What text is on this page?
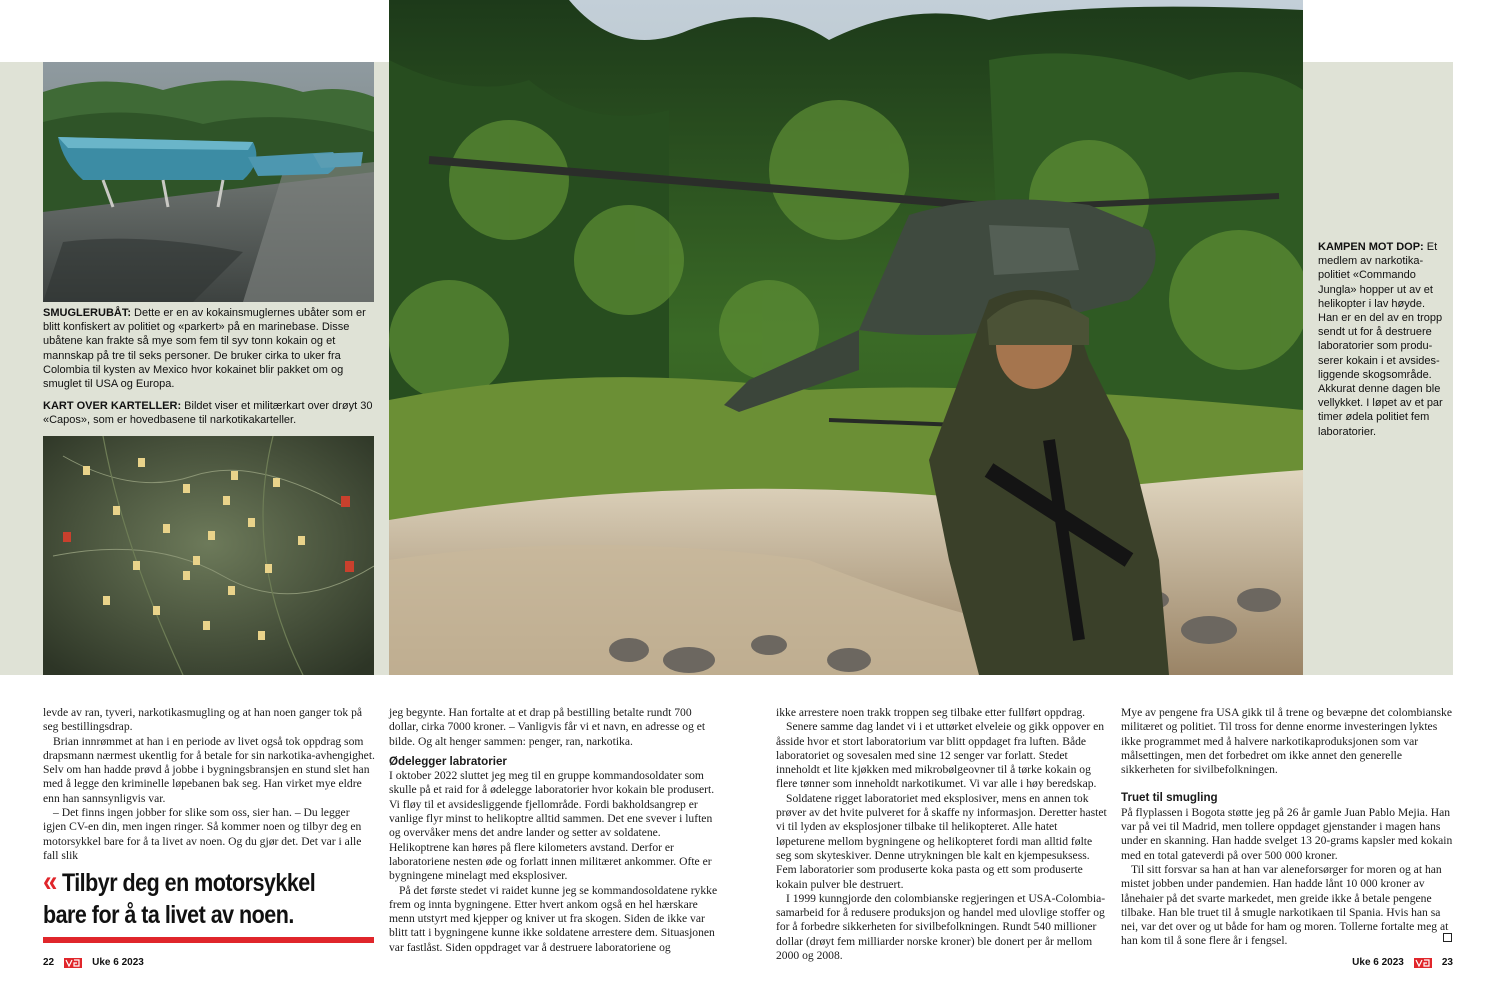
SMUGLERUBÅT: Dette er en av kokainsmuglernes ubåter som er blitt konfiskert av politiet og «parkert» på en marinebase. Disse ubåtene kan frakte så mye som fem til syv tonn kokain og et mannskap på tre til seks personer. De bruker cirka to uker fra Colombia til kysten av Mexico hvor kokainet blir pakket om og smuglet til USA og Europa.
KART OVER KARTELLER: Bildet viser et militærkart over drøyt 30 «Capos», som er hovedbasene til narkotikakarteller.
KAMPEN MOT DOP: Et medlem av narkotika-politiet «Commando Jungla» hopper ut av et helikopter i lav høyde. Han er en del av en tropp sendt ut for å destruere laboratorier som produ-serer kokain i et avsides-liggende skogsområde. Akkurat denne dagen ble vellykket. I løpet av et par timer ødela politiet fem laboratorier.

levde av ran, tyveri, narkotikasmugling og at han noen ganger tok på seg bestillingsdrap.

Brian innrømmet at han i en periode av livet også tok oppdrag som drapsmann nærmest ukentlig for å betale for sin narkotika-avhengighet. Selv om han hadde prøvd å jobbe i bygningsbransjen en stund slet han med å legge den kriminelle løpebanen bak seg. Han virket mye eldre enn han sannsynligvis var.

– Det finns ingen jobber for slike som oss, sier han. – Du legger igjen CV-en din, men ingen ringer. Så kommer noen og tilbyr deg en motorsykkel bare for å ta livet av noen. Og du gjør det. Det var i alle fall slik

« Tilbyr deg en motorsykkel bare for å ta livet av noen.

jeg begynte. Han fortalte at et drap på bestilling betalte rundt 700 dollar, cirka 7000 kroner. – Vanligvis får vi et navn, en adresse og et bilde. Og alt henger sammen: penger, ran, narkotika.

Ødelegger labratorier

I oktober 2022 sluttet jeg meg til en gruppe kommandosoldater som skulle på et raid for å ødelegge laboratorier hvor kokain ble produsert. Vi fløy til et avsidesliggende fjellområde. Fordi bakholdsangrep er vanlige flyr minst to helikoptre alltid sammen. Det ene svever i luften og overvåker mens det andre lander og setter av soldatene. Helikoptrene kan høres på flere kilometers avstand. Derfor er laboratoriene nesten øde og forlatt innen militæret ankommer. Ofte er bygningene minelagt med eksplosiver.

På det første stedet vi raidet kunne jeg se kommandosoldatene rykke frem og innta bygningene. Etter hvert ankom også en hel hærskare menn utstyrt med kjepper og kniver ut fra skogen. Siden de ikke var blitt tatt i bygningene kunne ikke soldatene arrestere dem. Situasjonen var fastlåst. Siden oppdraget var å destruere laboratoriene og

ikke arrestere noen trakk troppen seg tilbake etter fullført oppdrag.

Senere samme dag landet vi i et uttørket elveleie og gikk oppover en åsside hvor et stort laboratorium var blitt oppdaget fra luften. Både laboratoriet og sovesalen med sine 12 senger var forlatt. Stedet inneholdt et lite kjøkken med mikrobølgeovner til å tørke kokain og flere tønner som inneholdt narkotikumet. Vi var alle i høy beredskap.

Soldatene rigget laboratoriet med eksplosiver, mens en annen tok prøver av det hvite pulveret for å skaffe ny informasjon. Deretter hastet vi til lyden av eksplosjoner tilbake til helikopteret. Alle hatet løpeturene mellom bygningene og helikopteret fordi man alltid følte seg som skyteskiver. Denne utrykningen ble kalt en kjempesuksess. Fem laboratorier som produserte koka pasta og ett som produserte kokain pulver ble destruert.

I 1999 kunngjorde den colombianske regjeringen et USA-Colombia-samarbeid for å redusere produksjon og handel med ulovlige stoffer og for å forbedre sikkerheten for sivilbefolkningen. Rundt 540 millioner dollar (drøyt fem milliarder norske kroner) ble donert per år mellom 2000 og 2008.

Mye av pengene fra USA gikk til å trene og bevæpne det colombianske militæret og politiet. Til tross for denne enorme investeringen lyktes ikke programmet med å halvere narkotikaproduksjonen som var målsettingen, men det forbedret om ikke annet den generelle sikkerheten for sivilbefolkningen.

Truet til smugling

På flyplassen i Bogota støtte jeg på 26 år gamle Juan Pablo Mejia. Han var på vei til Madrid, men tollere oppdaget gjenstander i magen hans under en skanning. Han hadde svelget 13 20-grams kapsler med kokain med en total gateverdi på over 500 000 kroner.

Til sitt forsvar sa han at han var aleneforsørger for moren og at han mistet jobben under pandemien. Han hadde lånt 10 000 kroner av lånehaier på det svarte markedet, men greide ikke å betale pengene tilbake. Han ble truet til å smugle narkotikaen til Spania. Hvis han sa nei, var det over og ut både for ham og moren. Tollerne fortalte meg at han kom til å sone flere år i fengsel.

22	Uke 6 2023	Uke 6 2023	23
